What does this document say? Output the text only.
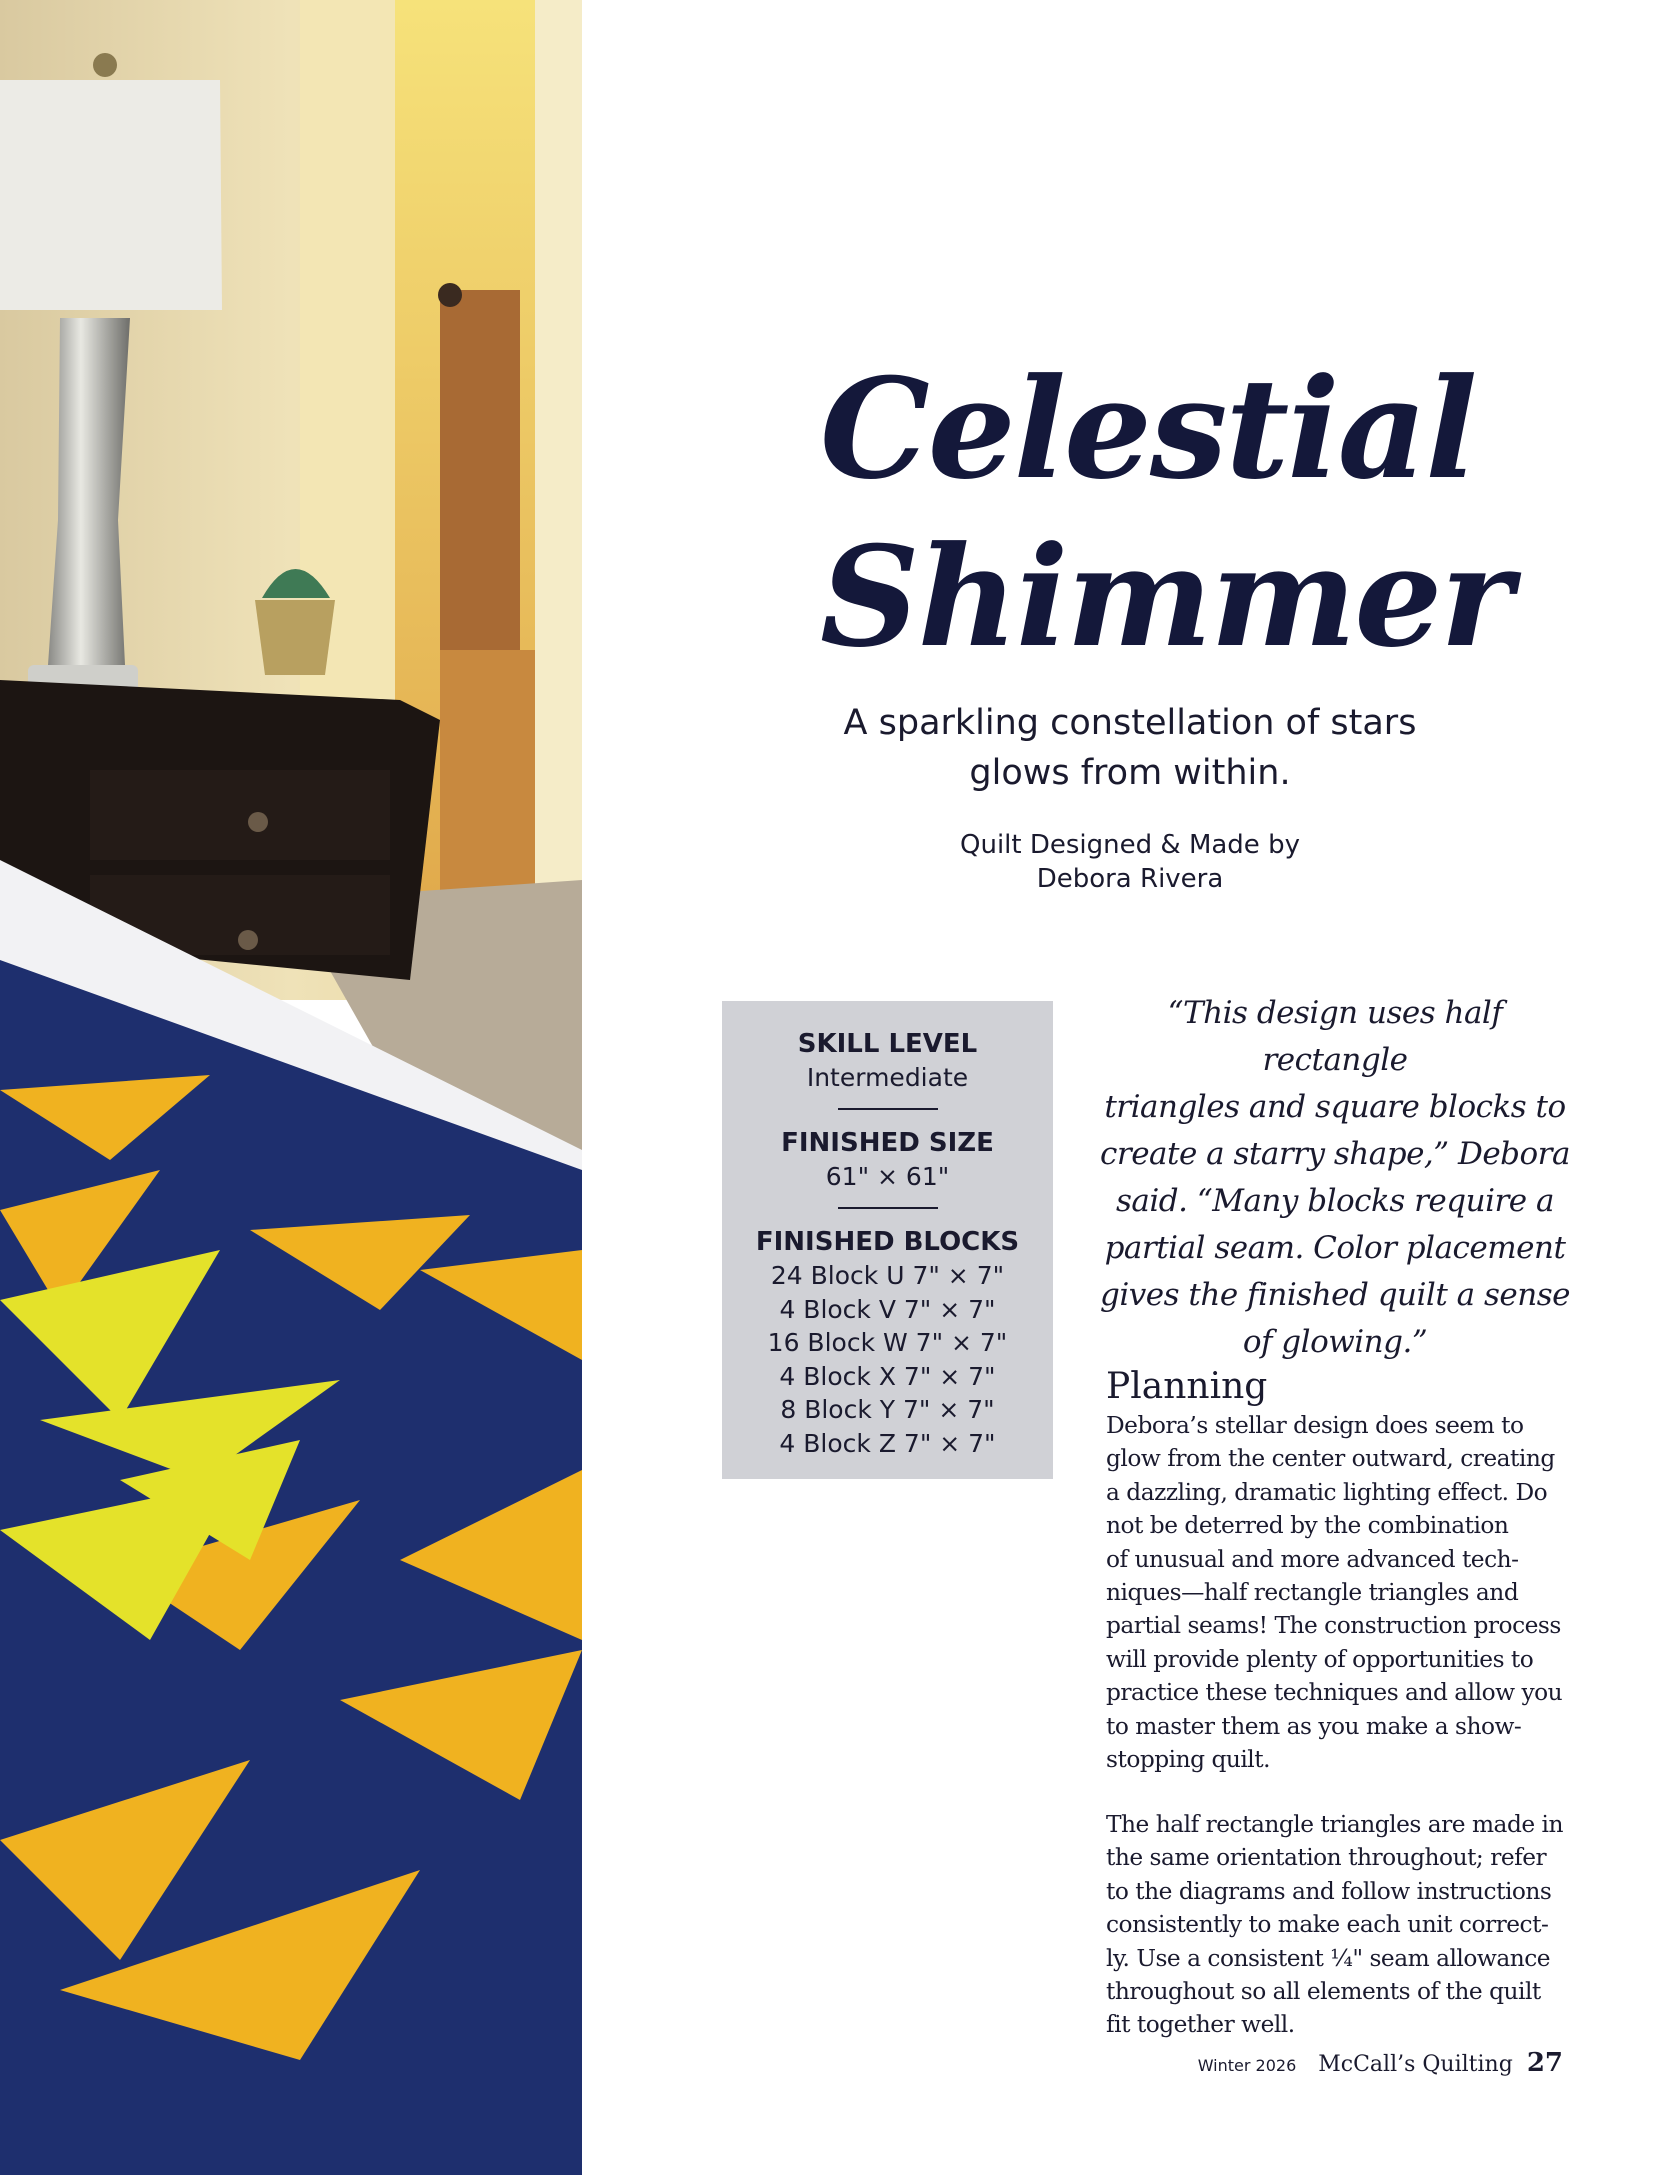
Celestial
Shimmer
A sparkling constellation of stars
glows from within.
Quilt Designed & Made by
Debora Rivera
SKILL LEVEL
Intermediate
FINISHED SIZE
61" × 61"
FINISHED BLOCKS
24 Block U 7" × 7"
4 Block V 7" × 7"
16 Block W 7" × 7"
4 Block X 7" × 7"
8 Block Y 7" × 7"
4 Block Z 7" × 7"
“This design uses half rectangle
triangles and square blocks to
create a starry shape,” Debora
said. “Many blocks require a
partial seam. Color placement
gives the finished quilt a sense
of glowing.”
Planning
Debora’s stellar design does seem to
glow from the center outward, creating
a dazzling, dramatic lighting effect. Do
not be deterred by the combination
of unusual and more advanced tech-
niques—half rectangle triangles and
partial seams! The construction process
will provide plenty of opportunities to
practice these techniques and allow you
to master them as you make a show-
stopping quilt.
The half rectangle triangles are made in
the same orientation throughout; refer
to the diagrams and follow instructions
consistently to make each unit correct-
ly. Use a consistent ¼" seam allowance
throughout so all elements of the quilt
fit together well.
Winter 2026 McCall’s Quilting 27
